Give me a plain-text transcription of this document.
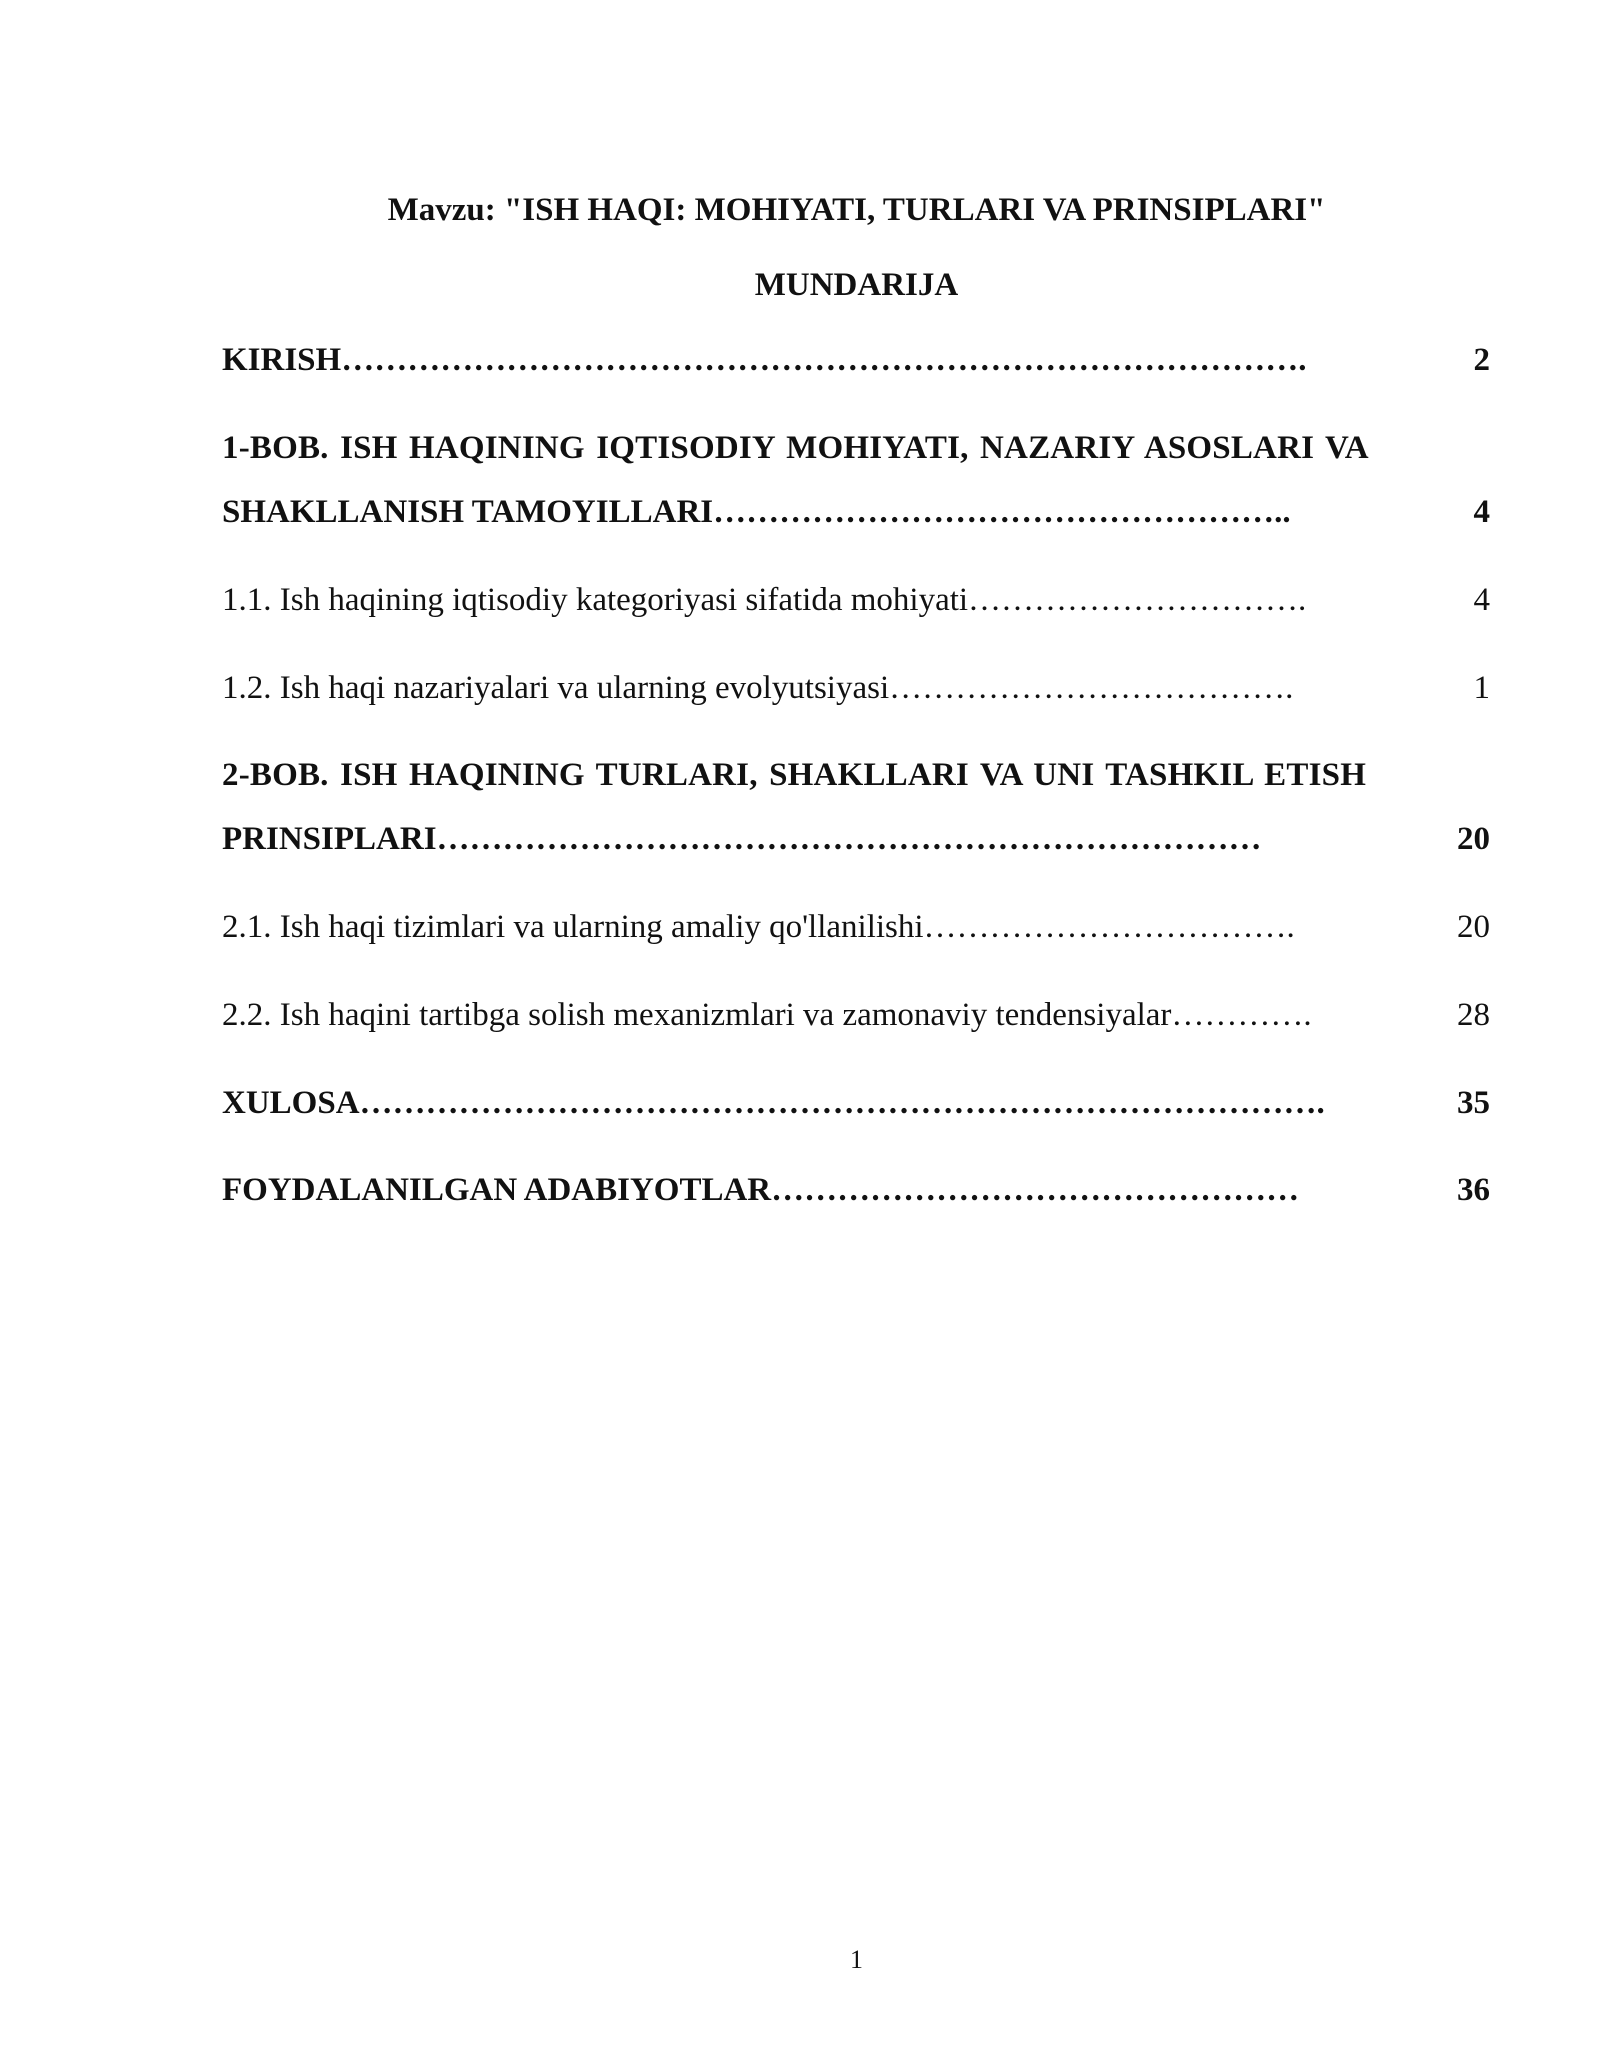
Mavzu: "ISH HAQI: MOHIYATI, TURLARI VA PRINSIPLARI"

MUNDARIJA

KIRISH…………………………………………………………………………….	2
1-BOB. ISH HAQINING IQTISODIY MOHIYATI, NAZARIY ASOSLARI VA
SHAKLLANISH TAMOYILLARI……………………………………………..	4
1.1. Ish haqining iqtisodiy kategoriyasi sifatida mohiyati………………………….	4
1.2. Ish haqi nazariyalari va ularning evolyutsiyasi……………………………….	1
2-BOB. ISH HAQINING TURLARI, SHAKLLARI VA UNI TASHKIL ETISH
PRINSIPLARI…………………………………………………………………	20
2.1. Ish haqi tizimlari va ularning amaliy qo'llanilishi…………………………….	20
2.2. Ish haqini tartibga solish mexanizmlari va zamonaviy tendensiyalar………….	28
XULOSA…………………………………………………………………………….	35
FOYDALANILGAN ADABIYOTLAR…………………………………………	36
1
